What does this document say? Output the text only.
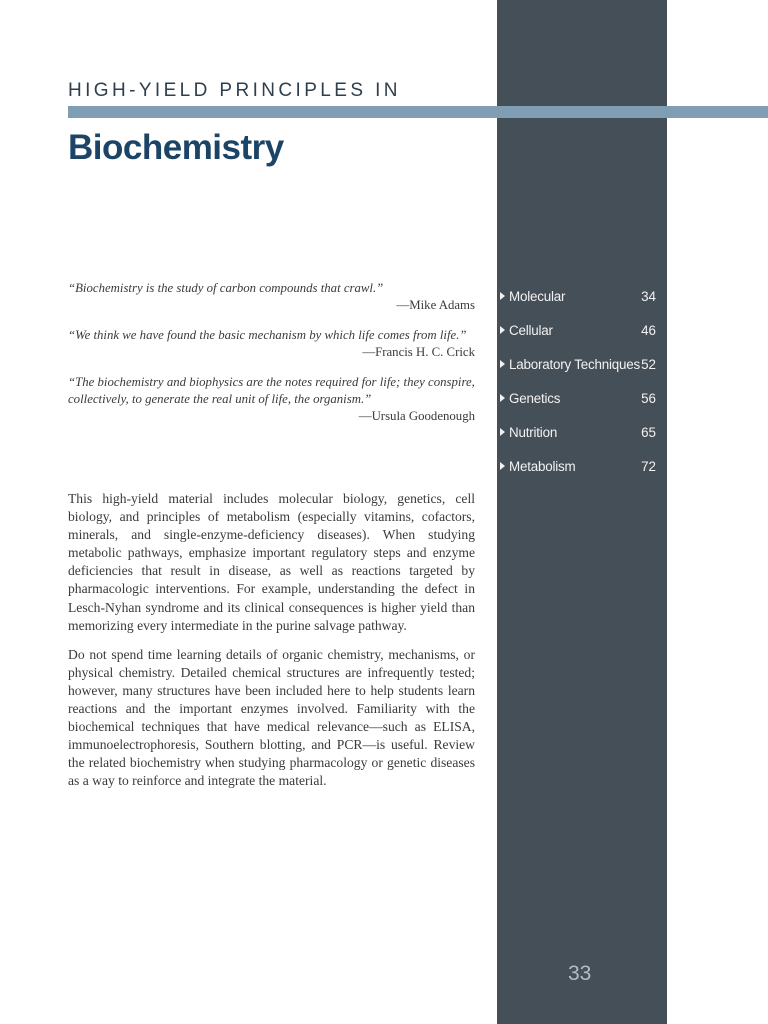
HIGH-YIELD PRINCIPLES IN
Biochemistry
“Biochemistry is the study of carbon compounds that crawl.”
—Mike Adams
“We think we have found the basic mechanism by which life comes from life.”
—Francis H. C. Crick
“The biochemistry and biophysics are the notes required for life; they conspire, collectively, to generate the real unit of life, the organism.”
—Ursula Goodenough

This high-yield material includes molecular biology, genetics, cell biology, and principles of metabolism (especially vitamins, cofactors, minerals, and single-enzyme-deficiency diseases). When studying metabolic pathways, emphasize important regulatory steps and enzyme deficiencies that result in disease, as well as reactions targeted by pharmacologic interventions. For example, understanding the defect in Lesch-Nyhan syndrome and its clinical consequences is higher yield than memorizing every intermediate in the purine salvage pathway.

Do not spend time learning details of organic chemistry, mechanisms, or physical chemistry. Detailed chemical structures are infrequently tested; however, many structures have been included here to help students learn reactions and the important enzymes involved. Familiarity with the biochemical techniques that have medical relevance—such as ELISA, immunoelectrophoresis, Southern blotting, and PCR—is useful. Review the related biochemistry when studying pharmacology or genetic diseases as a way to reinforce and integrate the material.

Molecular	34
Cellular	46
Laboratory Techniques 52
Genetics	56
Nutrition	65
Metabolism	72
33
